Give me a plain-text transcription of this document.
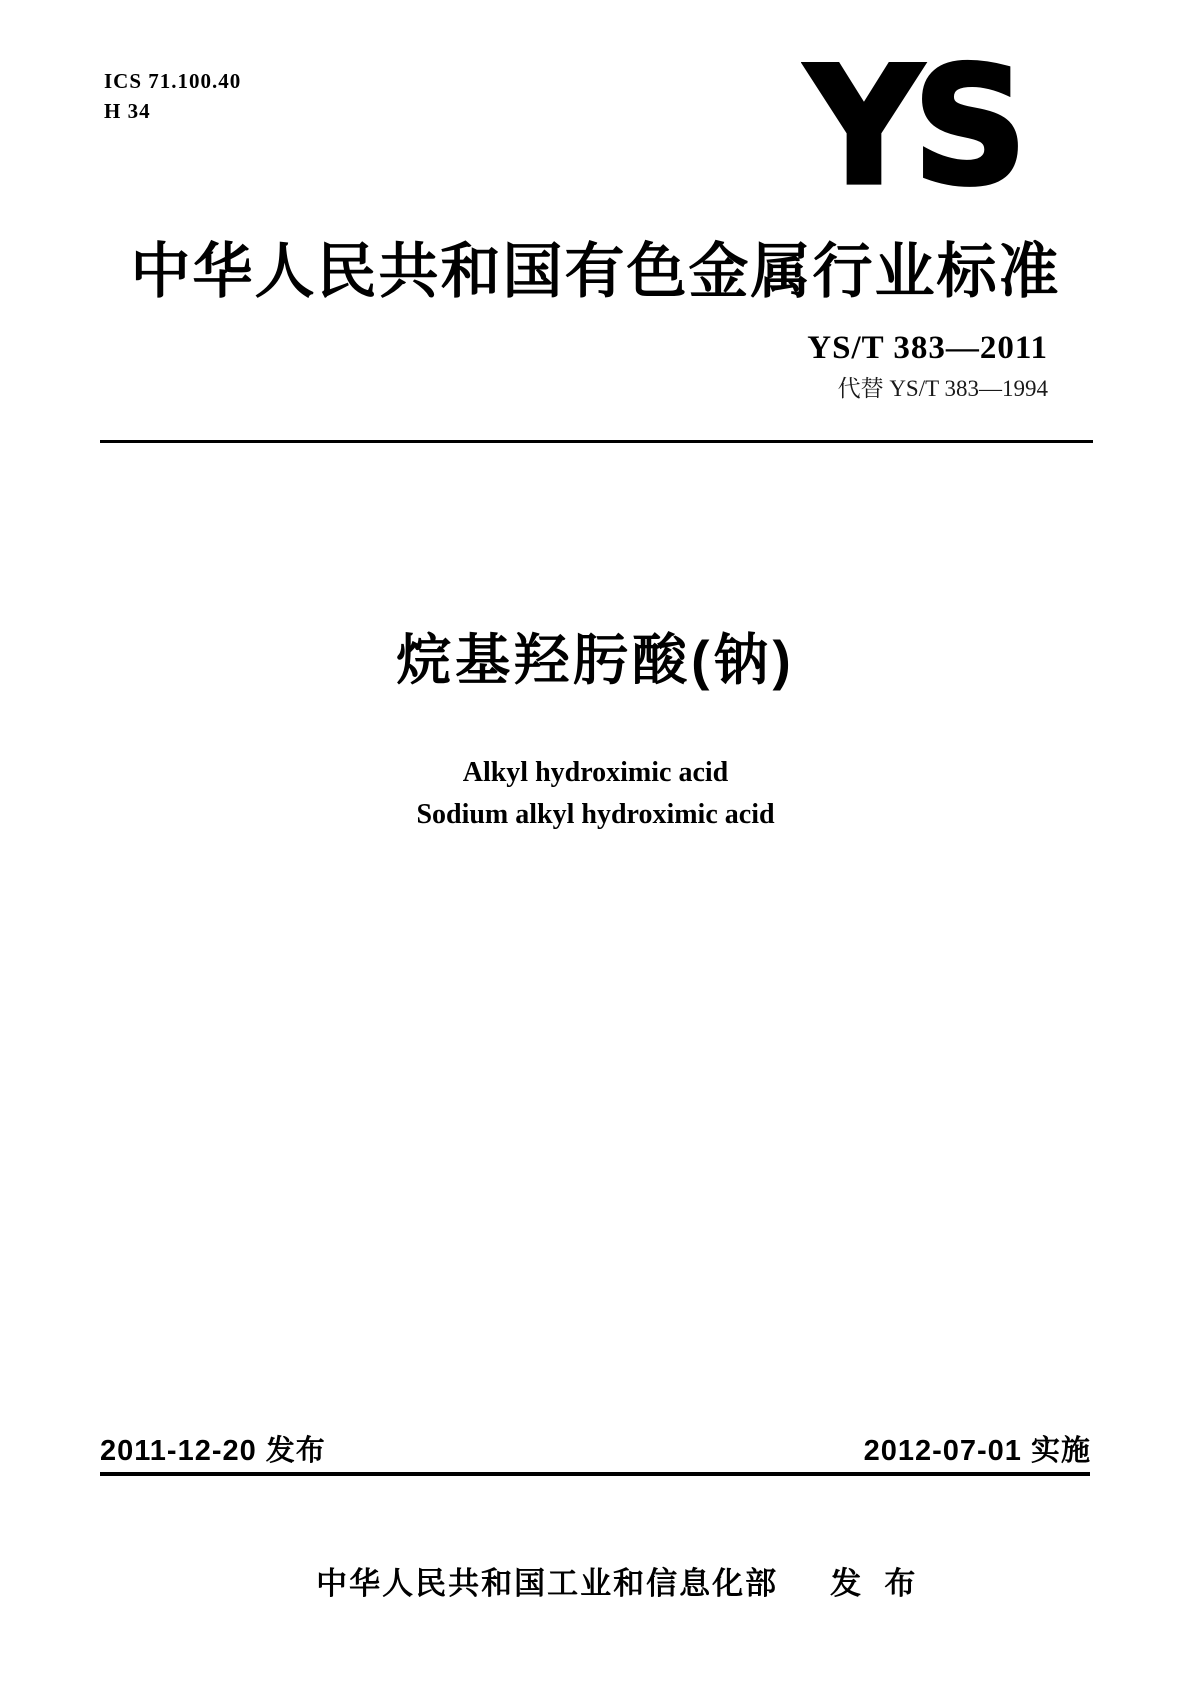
ICS 71.100.40
H 34	YS
中华人民共和国有色金属行业标准
YS/T 383—2011
代替 YS/T 383—1994
烷基羟肟酸(钠)
Alkyl hydroximic acid
Sodium alkyl hydroximic acid
2011-12-20 发布	2012-07-01 实施

中华人民共和国工业和信息化部 发  布
